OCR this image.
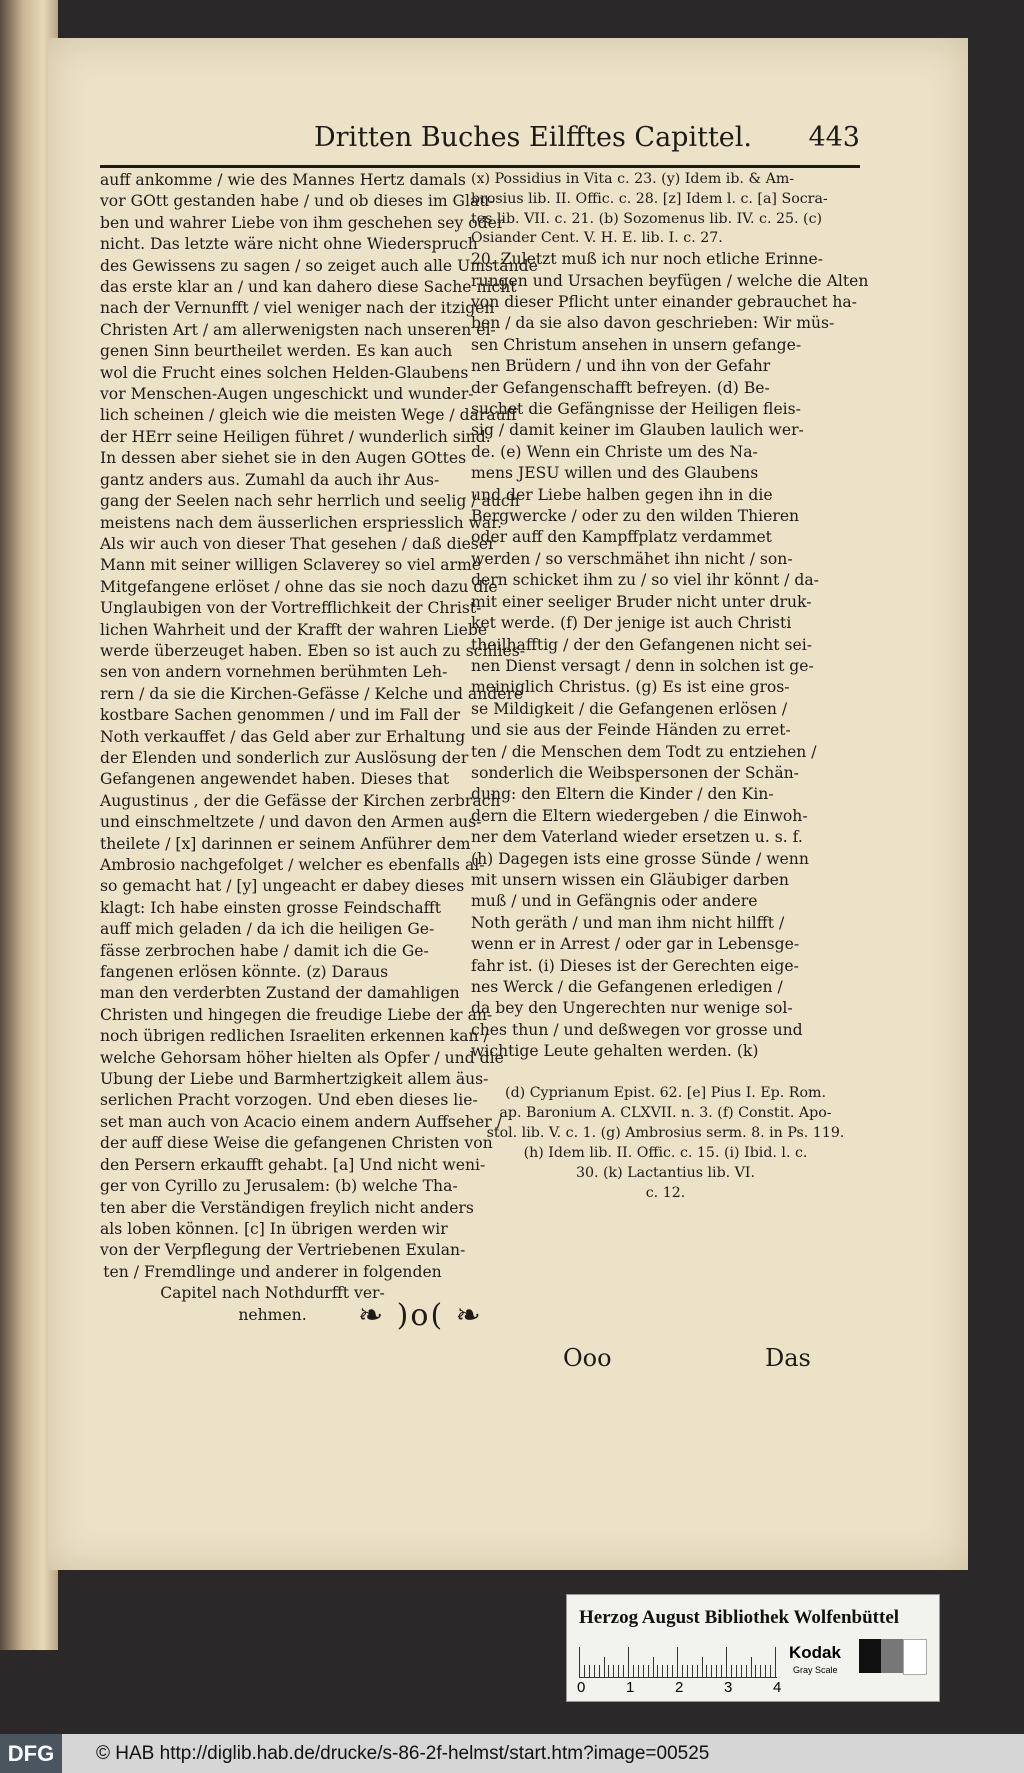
Dritten Buches Eilfftes Capittel. 443
auff ankomme / wie des Mannes Hertz damals
vor GOtt gestanden habe / und ob dieses im Glau-
ben und wahrer Liebe von ihm geschehen sey oder
nicht. Das letzte wäre nicht ohne Wiederspruch
des Gewissens zu sagen / so zeiget auch alle Umstände
das erste klar an / und kan dahero diese Sache nicht
nach der Vernunfft / viel weniger nach der itzigen
Christen Art / am allerwenigsten nach unseren ei-
genen Sinn beurtheilet werden. Es kan auch
wol die Frucht eines solchen Helden-Glaubens
vor Menschen-Augen ungeschickt und wunder-
lich scheinen / gleich wie die meisten Wege / darauff
der HErr seine Heiligen führet / wunderlich sind.
In dessen aber siehet sie in den Augen GOttes
gantz anders aus. Zumahl da auch ihr Aus-
gang der Seelen nach sehr herrlich und seelig / auch
meistens nach dem äusserlichen erspriesslich war.
Als wir auch von dieser That gesehen / daß dieser
Mann mit seiner willigen Sclaverey so viel arme
Mitgefangene erlöset / ohne das sie noch dazu die
Unglaubigen von der Vortrefflichkeit der Christ-
lichen Wahrheit und der Krafft der wahren Liebe
werde überzeuget haben. Eben so ist auch zu schlies-
sen von andern vornehmen berühmten Leh-
rern / da sie die Kirchen-Gefässe / Kelche und andere
kostbare Sachen genommen / und im Fall der
Noth verkauffet / das Geld aber zur Erhaltung
der Elenden und sonderlich zur Auslösung der
Gefangenen angewendet haben. Dieses that
Augustinus , der die Gefässe der Kirchen zerbrach
und einschmeltzete / und davon den Armen aus-
theilete / [x] darinnen er seinem Anführer dem
Ambrosio nachgefolget / welcher es ebenfalls al-
so gemacht hat / [y] ungeacht er dabey dieses
klagt: Ich habe einsten grosse Feindschafft
auff mich geladen / da ich die heiligen Ge-
fässe zerbrochen habe / damit ich die Ge-
fangenen erlösen könnte. (z) Daraus
man den verderbten Zustand der damahligen
Christen und hingegen die freudige Liebe der an-
noch übrigen redlichen Israeliten erkennen kan /
welche Gehorsam höher hielten als Opfer / und die
Ubung der Liebe und Barmhertzigkeit allem äus-
serlichen Pracht vorzogen. Und eben dieses lie-
set man auch von Acacio einem andern Auffseher /
der auff diese Weise die gefangenen Christen von
den Persern erkaufft gehabt. [a] Und nicht weni-
ger von Cyrillo zu Jerusalem: (b) welche Tha-
ten aber die Verständigen freylich nicht anders
als loben können. [c] In übrigen werden wir
von der Verpflegung der Vertriebenen Exulan-
ten / Fremdlinge und anderer in folgenden
Capitel nach Nothdurfft ver-
nehmen.
(x) Possidius in Vita c. 23. (y) Idem ib. & Am-
brosius lib. II. Offic. c. 28. [z] Idem l. c. [a] Socra-
tes lib. VII. c. 21. (b) Sozomenus lib. IV. c. 25. (c)
Osiander Cent. V. H. E. lib. I. c. 27.
20. Zuletzt muß ich nur noch etliche Erinne-
rungen und Ursachen beyfügen / welche die Alten
von dieser Pflicht unter einander gebrauchet ha-
ben / da sie also davon geschrieben: Wir müs-
sen Christum ansehen in unsern gefange-
nen Brüdern / und ihn von der Gefahr
der Gefangenschafft befreyen. (d) Be-
suchet die Gefängnisse der Heiligen fleis-
sig / damit keiner im Glauben laulich wer-
de. (e) Wenn ein Christe um des Na-
mens JESU willen und des Glaubens
und der Liebe halben gegen ihn in die
Bergwercke / oder zu den wilden Thieren
oder auff den Kampffplatz verdammet
werden / so verschmähet ihn nicht / son-
dern schicket ihm zu / so viel ihr könnt / da-
mit einer seeliger Bruder nicht unter druk-
ket werde. (f) Der jenige ist auch Christi
theilhafftig / der den Gefangenen nicht sei-
nen Dienst versagt / denn in solchen ist ge-
meiniglich Christus. (g) Es ist eine gros-
se Mildigkeit / die Gefangenen erlösen /
und sie aus der Feinde Händen zu erret-
ten / die Menschen dem Todt zu entziehen /
sonderlich die Weibspersonen der Schän-
dung: den Eltern die Kinder / den Kin-
dern die Eltern wiedergeben / die Einwoh-
ner dem Vaterland wieder ersetzen u. s. f.
(h) Dagegen ists eine grosse Sünde / wenn
mit unsern wissen ein Gläubiger darben
muß / und in Gefängnis oder andere
Noth geräth / und man ihm nicht hilfft /
wenn er in Arrest / oder gar in Lebensge-
fahr ist. (i) Dieses ist der Gerechten eige-
nes Werck / die Gefangenen erledigen /
da bey den Ungerechten nur wenige sol-
ches thun / und deßwegen vor grosse und
wichtige Leute gehalten werden. (k)
(d) Cyprianum Epist. 62. [e] Pius I. Ep. Rom.
ap. Baronium A. CLXVII. n. 3. (f) Constit. Apo-
stol. lib. V. c. 1. (g) Ambrosius serm. 8. in Ps. 119.
(h) Idem lib. II. Offic. c. 15. (i) Ibid. l. c.
30. (k) Lactantius lib. VI.
c. 12.
❧ )o( ❧
Ooo	Das
Herzog August Bibliothek Wolfenbüttel
0	1	2	3	4
Kodak
Gray Scale
DFG	© HAB http://diglib.hab.de/drucke/s-86-2f-helmst/start.htm?image=00525
